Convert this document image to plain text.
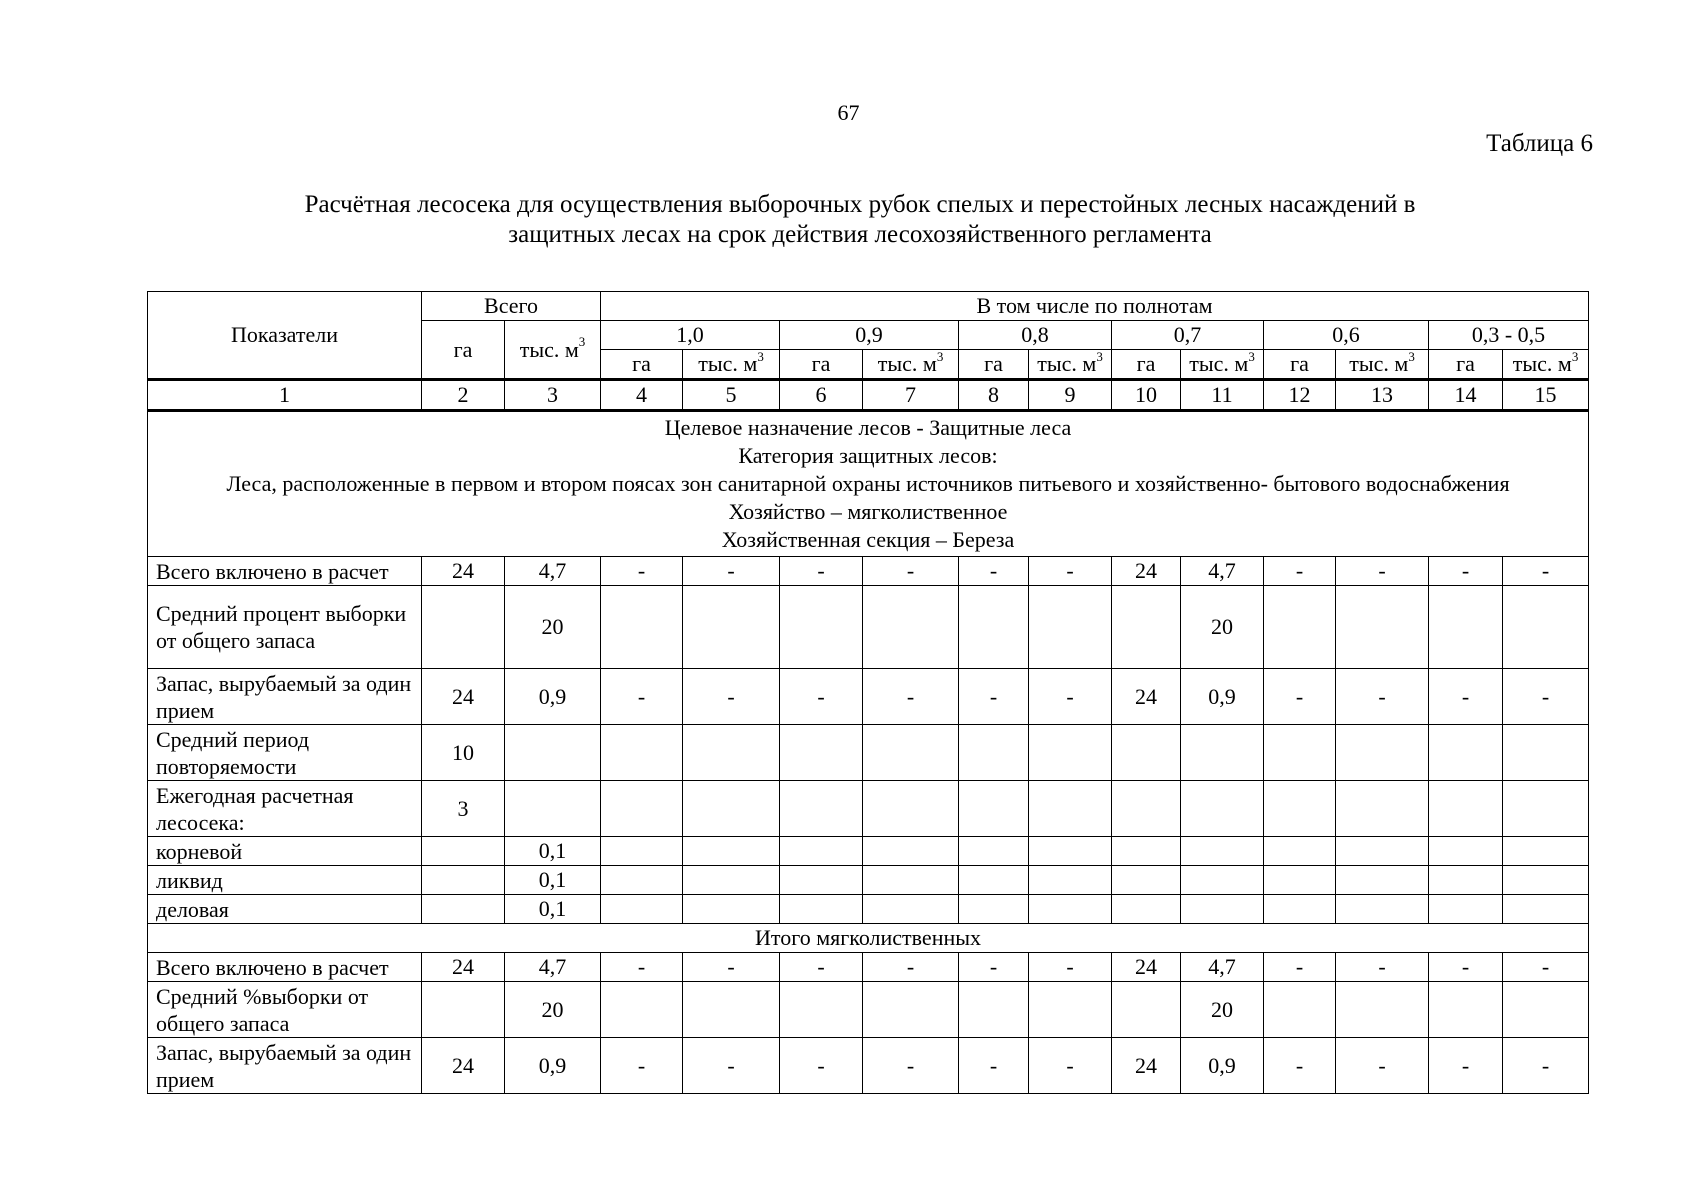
67
Таблица 6
Расчётная лесосека для осуществления выборочных рубок спелых и перестойных лесных насаждений в
защитных лесах на срок действия лесохозяйственного регламента
Показатели	Всего		В том числе по полнотам											
	га	тыс. $м^3$	1,0		0,9		0,8		0,7		0,6		0,3 - 0,5	
			га	тыс. $м^3$	га	тыс. $м^3$	га	тыс. $м^3$	га	тыс. $м^3$	га	тыс. $м^3$	га	тыс. $м^3$
1	2	3	4	5	6	7	8	9	10	11	12	13	14	15

Целевое назначение лесов - Защитные леса
Категория защитных лесов:
Леса, расположенные в первом и втором поясах зон санитарной охраны источников питьевого и хозяйственно- бытового водоснабжения
Хозяйство – мягколиственное
Хозяйственная секция – Береза														

Всего включено в расчет	24	4,7	-	-	-	-	-	-	24	4,7	-	-	-	-
Средний процент выборки от общего запаса		20								20				
Запас, вырубаемый за один прием	24	0,9	-	-	-	-	-	-	24	0,9	-	-	-	-
Средний период повторяемости	10													
Ежегодная расчетная лесосека:	3													
корневой		0,1												
ликвид		0,1												
деловая		0,1												
Итого мягколиственных														
Всего включено в расчет	24	4,7	-	-	-	-	-	-	24	4,7	-	-	-	-
Средний %выборки от общего запаса		20								20				
Запас, вырубаемый за один прием	24	0,9	-	-	-	-	-	-	24	0,9	-	-	-	-
